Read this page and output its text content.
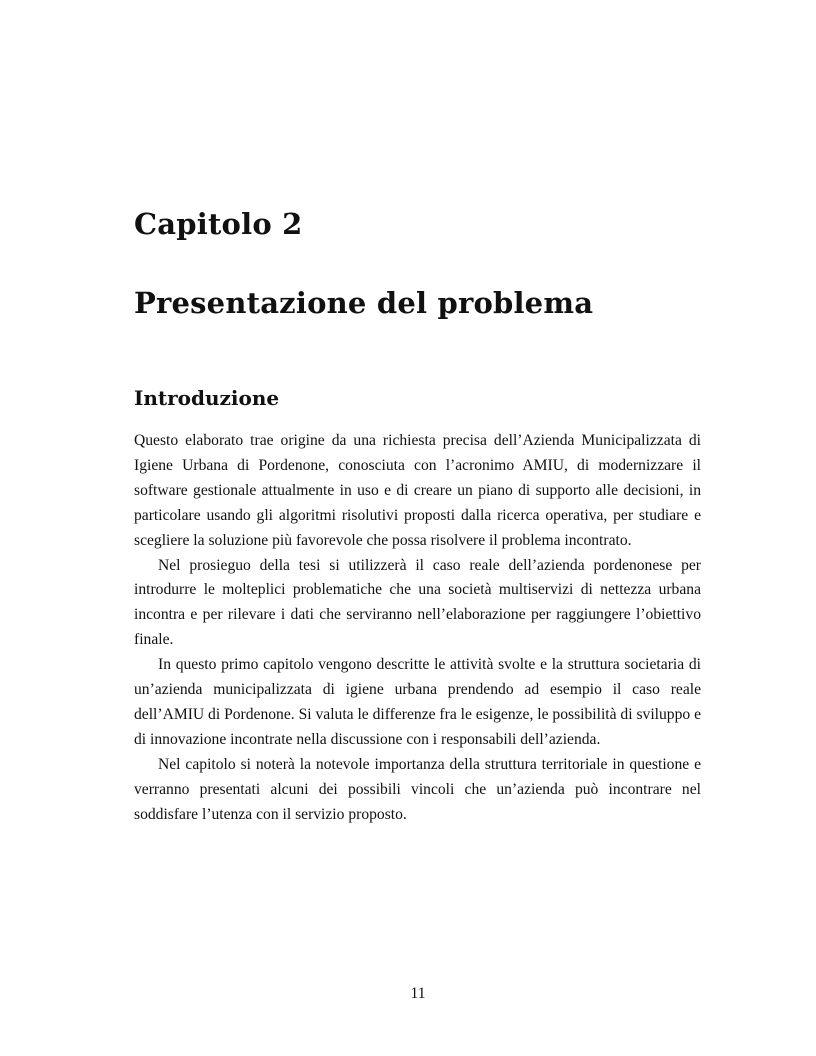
Capitolo 2
Presentazione del problema
Introduzione

Questo elaborato trae origine da una richiesta precisa dell’Azienda Municipalizzata di Igiene Urbana di Pordenone, conosciuta con l’acronimo AMIU, di modernizzare il software gestionale attualmente in uso e di creare un piano di supporto alle decisioni, in particolare usando gli algoritmi risolutivi proposti dalla ricerca operativa, per studiare e scegliere la soluzione più favorevole che possa risolvere il problema incontrato.

Nel prosieguo della tesi si utilizzerà il caso reale dell’azienda pordenonese per introdurre le molteplici problematiche che una società multiservizi di nettezza urbana incontra e per rilevare i dati che serviranno nell’elaborazione per raggiungere l’obiettivo finale.

In questo primo capitolo vengono descritte le attività svolte e la struttura societaria di un’azienda municipalizzata di igiene urbana prendendo ad esempio il caso reale dell’AMIU di Pordenone. Si valuta le differenze fra le esigenze, le possibilità di sviluppo e di innovazione incontrate nella discussione con i responsabili dell’azienda.

Nel capitolo si noterà la notevole importanza della struttura territoriale in questione e verranno presentati alcuni dei possibili vincoli che un’azienda può incontrare nel soddisfare l’utenza con il servizio proposto.

11
